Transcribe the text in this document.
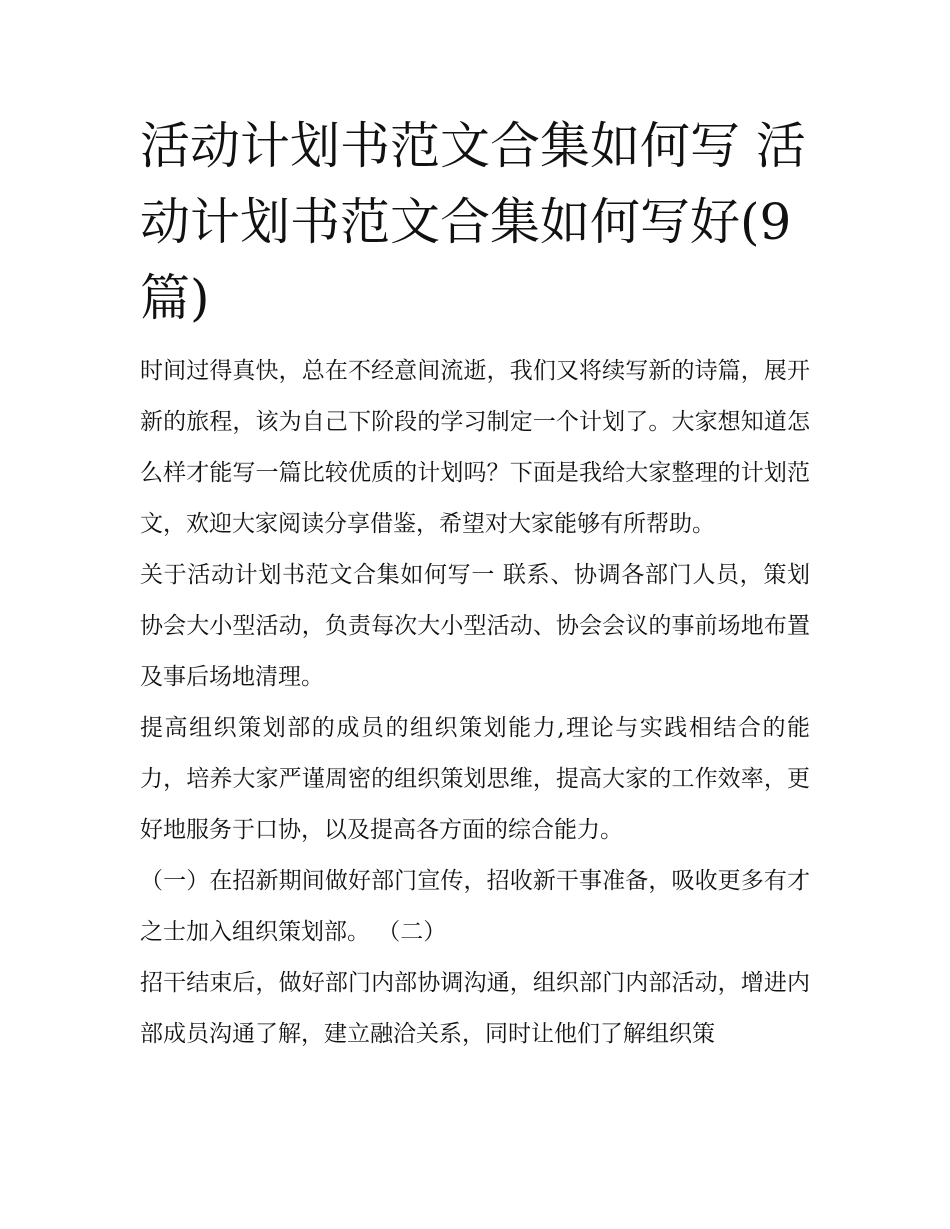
活动计划书范文合集如何写 活动计划书范文合集如何写好(9篇)

时间过得真快，总在不经意间流逝，我们又将续写新的诗篇，展开新的旅程，该为自己下阶段的学习制定一个计划了。大家想知道怎么样才能写一篇比较优质的计划吗？下面是我给大家整理的计划范文，欢迎大家阅读分享借鉴，希望对大家能够有所帮助。

关于活动计划书范文合集如何写一 联系、协调各部门人员，策划协会大小型活动，负责每次大小型活动、协会会议的事前场地布置及事后场地清理。

提高组织策划部的成员的组织策划能力,理论与实践相结合的能力，培养大家严谨周密的组织策划思维，提高大家的工作效率，更好地服务于口协，以及提高各方面的综合能力。

（一）在招新期间做好部门宣传，招收新干事准备，吸收更多有才之士加入组织策划部。 （二）

招干结束后，做好部门内部协调沟通，组织部门内部活动，增进内部成员沟通了解，建立融洽关系，同时让他们了解组织策
